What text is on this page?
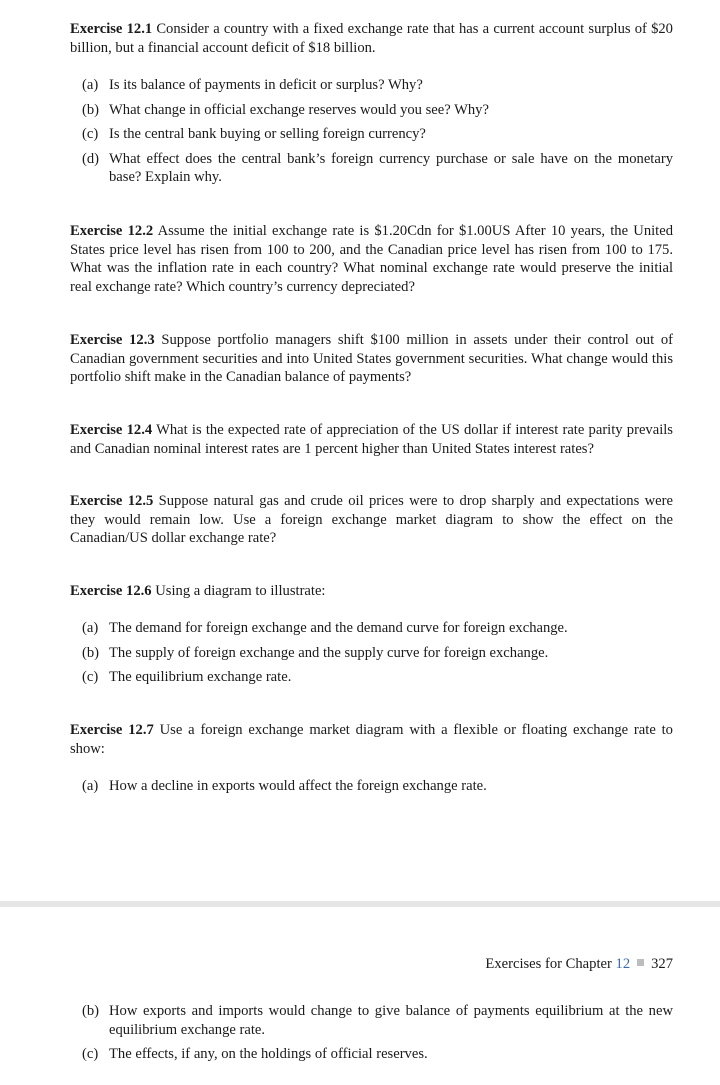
Exercise 12.1 Consider a country with a fixed exchange rate that has a current account surplus of $20 billion, but a financial account deficit of $18 billion.
(a) Is its balance of payments in deficit or surplus? Why?
(b) What change in official exchange reserves would you see? Why?
(c) Is the central bank buying or selling foreign currency?
(d) What effect does the central bank’s foreign currency purchase or sale have on the monetary base? Explain why.
Exercise 12.2 Assume the initial exchange rate is $1.20Cdn for $1.00US After 10 years, the United States price level has risen from 100 to 200, and the Canadian price level has risen from 100 to 175. What was the inflation rate in each country? What nominal exchange rate would preserve the initial real exchange rate? Which country’s currency depreciated?
Exercise 12.3 Suppose portfolio managers shift $100 million in assets under their control out of Canadian government securities and into United States government securities. What change would this portfolio shift make in the Canadian balance of payments?
Exercise 12.4 What is the expected rate of appreciation of the US dollar if interest rate parity prevails and Canadian nominal interest rates are 1 percent higher than United States interest rates?
Exercise 12.5 Suppose natural gas and crude oil prices were to drop sharply and expectations were they would remain low. Use a foreign exchange market diagram to show the effect on the Canadian/US dollar exchange rate?
Exercise 12.6 Using a diagram to illustrate:
(a) The demand for foreign exchange and the demand curve for foreign exchange.
(b) The supply of foreign exchange and the supply curve for foreign exchange.
(c) The equilibrium exchange rate.
Exercise 12.7 Use a foreign exchange market diagram with a flexible or floating exchange rate to show:
(a) How a decline in exports would affect the foreign exchange rate.
Exercises for Chapter 12 327
(b) How exports and imports would change to give balance of payments equilibrium at the new equilibrium exchange rate.
(c) The effects, if any, on the holdings of official reserves.
